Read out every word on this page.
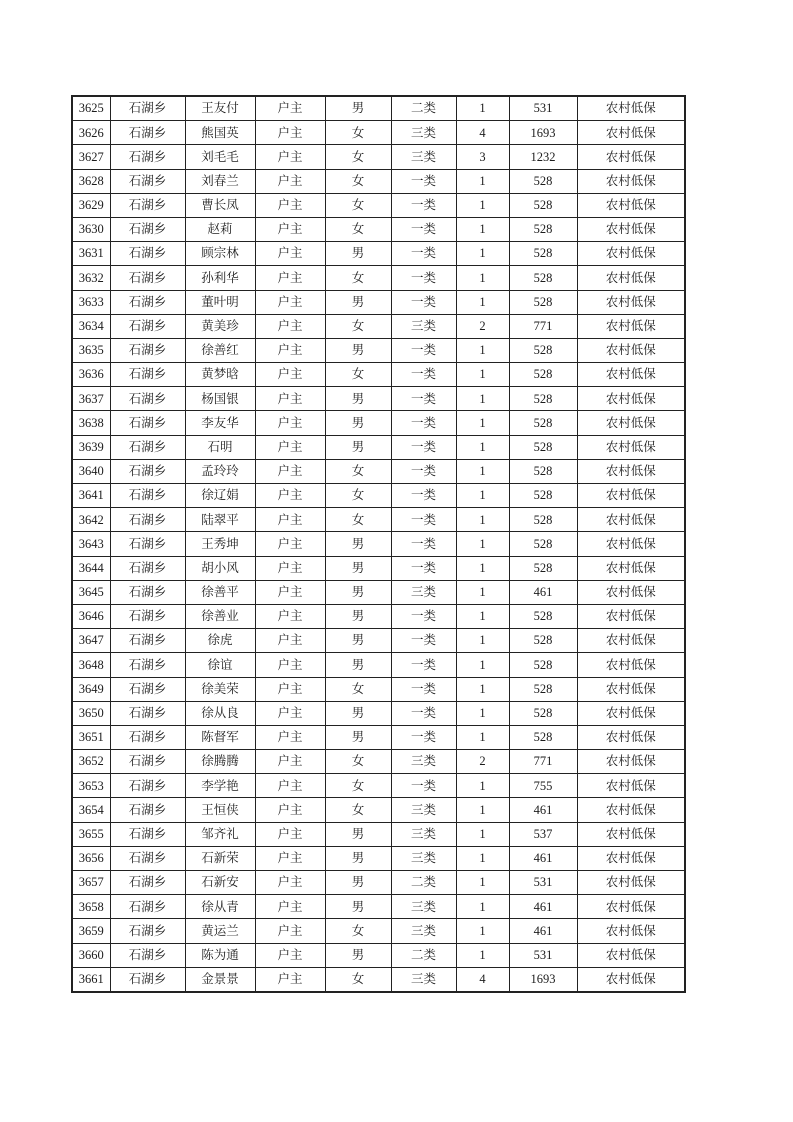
3625	石湖乡	王友付	户主	男	二类	1	531	农村低保
3626	石湖乡	熊国英	户主	女	三类	4	1693	农村低保
3627	石湖乡	刘毛毛	户主	女	三类	3	1232	农村低保
3628	石湖乡	刘春兰	户主	女	一类	1	528	农村低保
3629	石湖乡	曹长凤	户主	女	一类	1	528	农村低保
3630	石湖乡	赵莉	户主	女	一类	1	528	农村低保
3631	石湖乡	顾宗林	户主	男	一类	1	528	农村低保
3632	石湖乡	孙利华	户主	女	一类	1	528	农村低保
3633	石湖乡	董叶明	户主	男	一类	1	528	农村低保
3634	石湖乡	黄美珍	户主	女	三类	2	771	农村低保
3635	石湖乡	徐善红	户主	男	一类	1	528	农村低保
3636	石湖乡	黄梦晗	户主	女	一类	1	528	农村低保
3637	石湖乡	杨国银	户主	男	一类	1	528	农村低保
3638	石湖乡	李友华	户主	男	一类	1	528	农村低保
3639	石湖乡	石明	户主	男	一类	1	528	农村低保
3640	石湖乡	孟玲玲	户主	女	一类	1	528	农村低保
3641	石湖乡	徐辽娟	户主	女	一类	1	528	农村低保
3642	石湖乡	陆翠平	户主	女	一类	1	528	农村低保
3643	石湖乡	王秀坤	户主	男	一类	1	528	农村低保
3644	石湖乡	胡小风	户主	男	一类	1	528	农村低保
3645	石湖乡	徐善平	户主	男	三类	1	461	农村低保
3646	石湖乡	徐善业	户主	男	一类	1	528	农村低保
3647	石湖乡	徐虎	户主	男	一类	1	528	农村低保
3648	石湖乡	徐谊	户主	男	一类	1	528	农村低保
3649	石湖乡	徐美荣	户主	女	一类	1	528	农村低保
3650	石湖乡	徐从良	户主	男	一类	1	528	农村低保
3651	石湖乡	陈督军	户主	男	一类	1	528	农村低保
3652	石湖乡	徐腾腾	户主	女	三类	2	771	农村低保
3653	石湖乡	李学艳	户主	女	一类	1	755	农村低保
3654	石湖乡	王恒侠	户主	女	三类	1	461	农村低保
3655	石湖乡	邹齐礼	户主	男	三类	1	537	农村低保
3656	石湖乡	石新荣	户主	男	三类	1	461	农村低保
3657	石湖乡	石新安	户主	男	二类	1	531	农村低保
3658	石湖乡	徐从青	户主	男	三类	1	461	农村低保
3659	石湖乡	黄运兰	户主	女	三类	1	461	农村低保
3660	石湖乡	陈为通	户主	男	二类	1	531	农村低保
3661	石湖乡	金景景	户主	女	三类	4	1693	农村低保
